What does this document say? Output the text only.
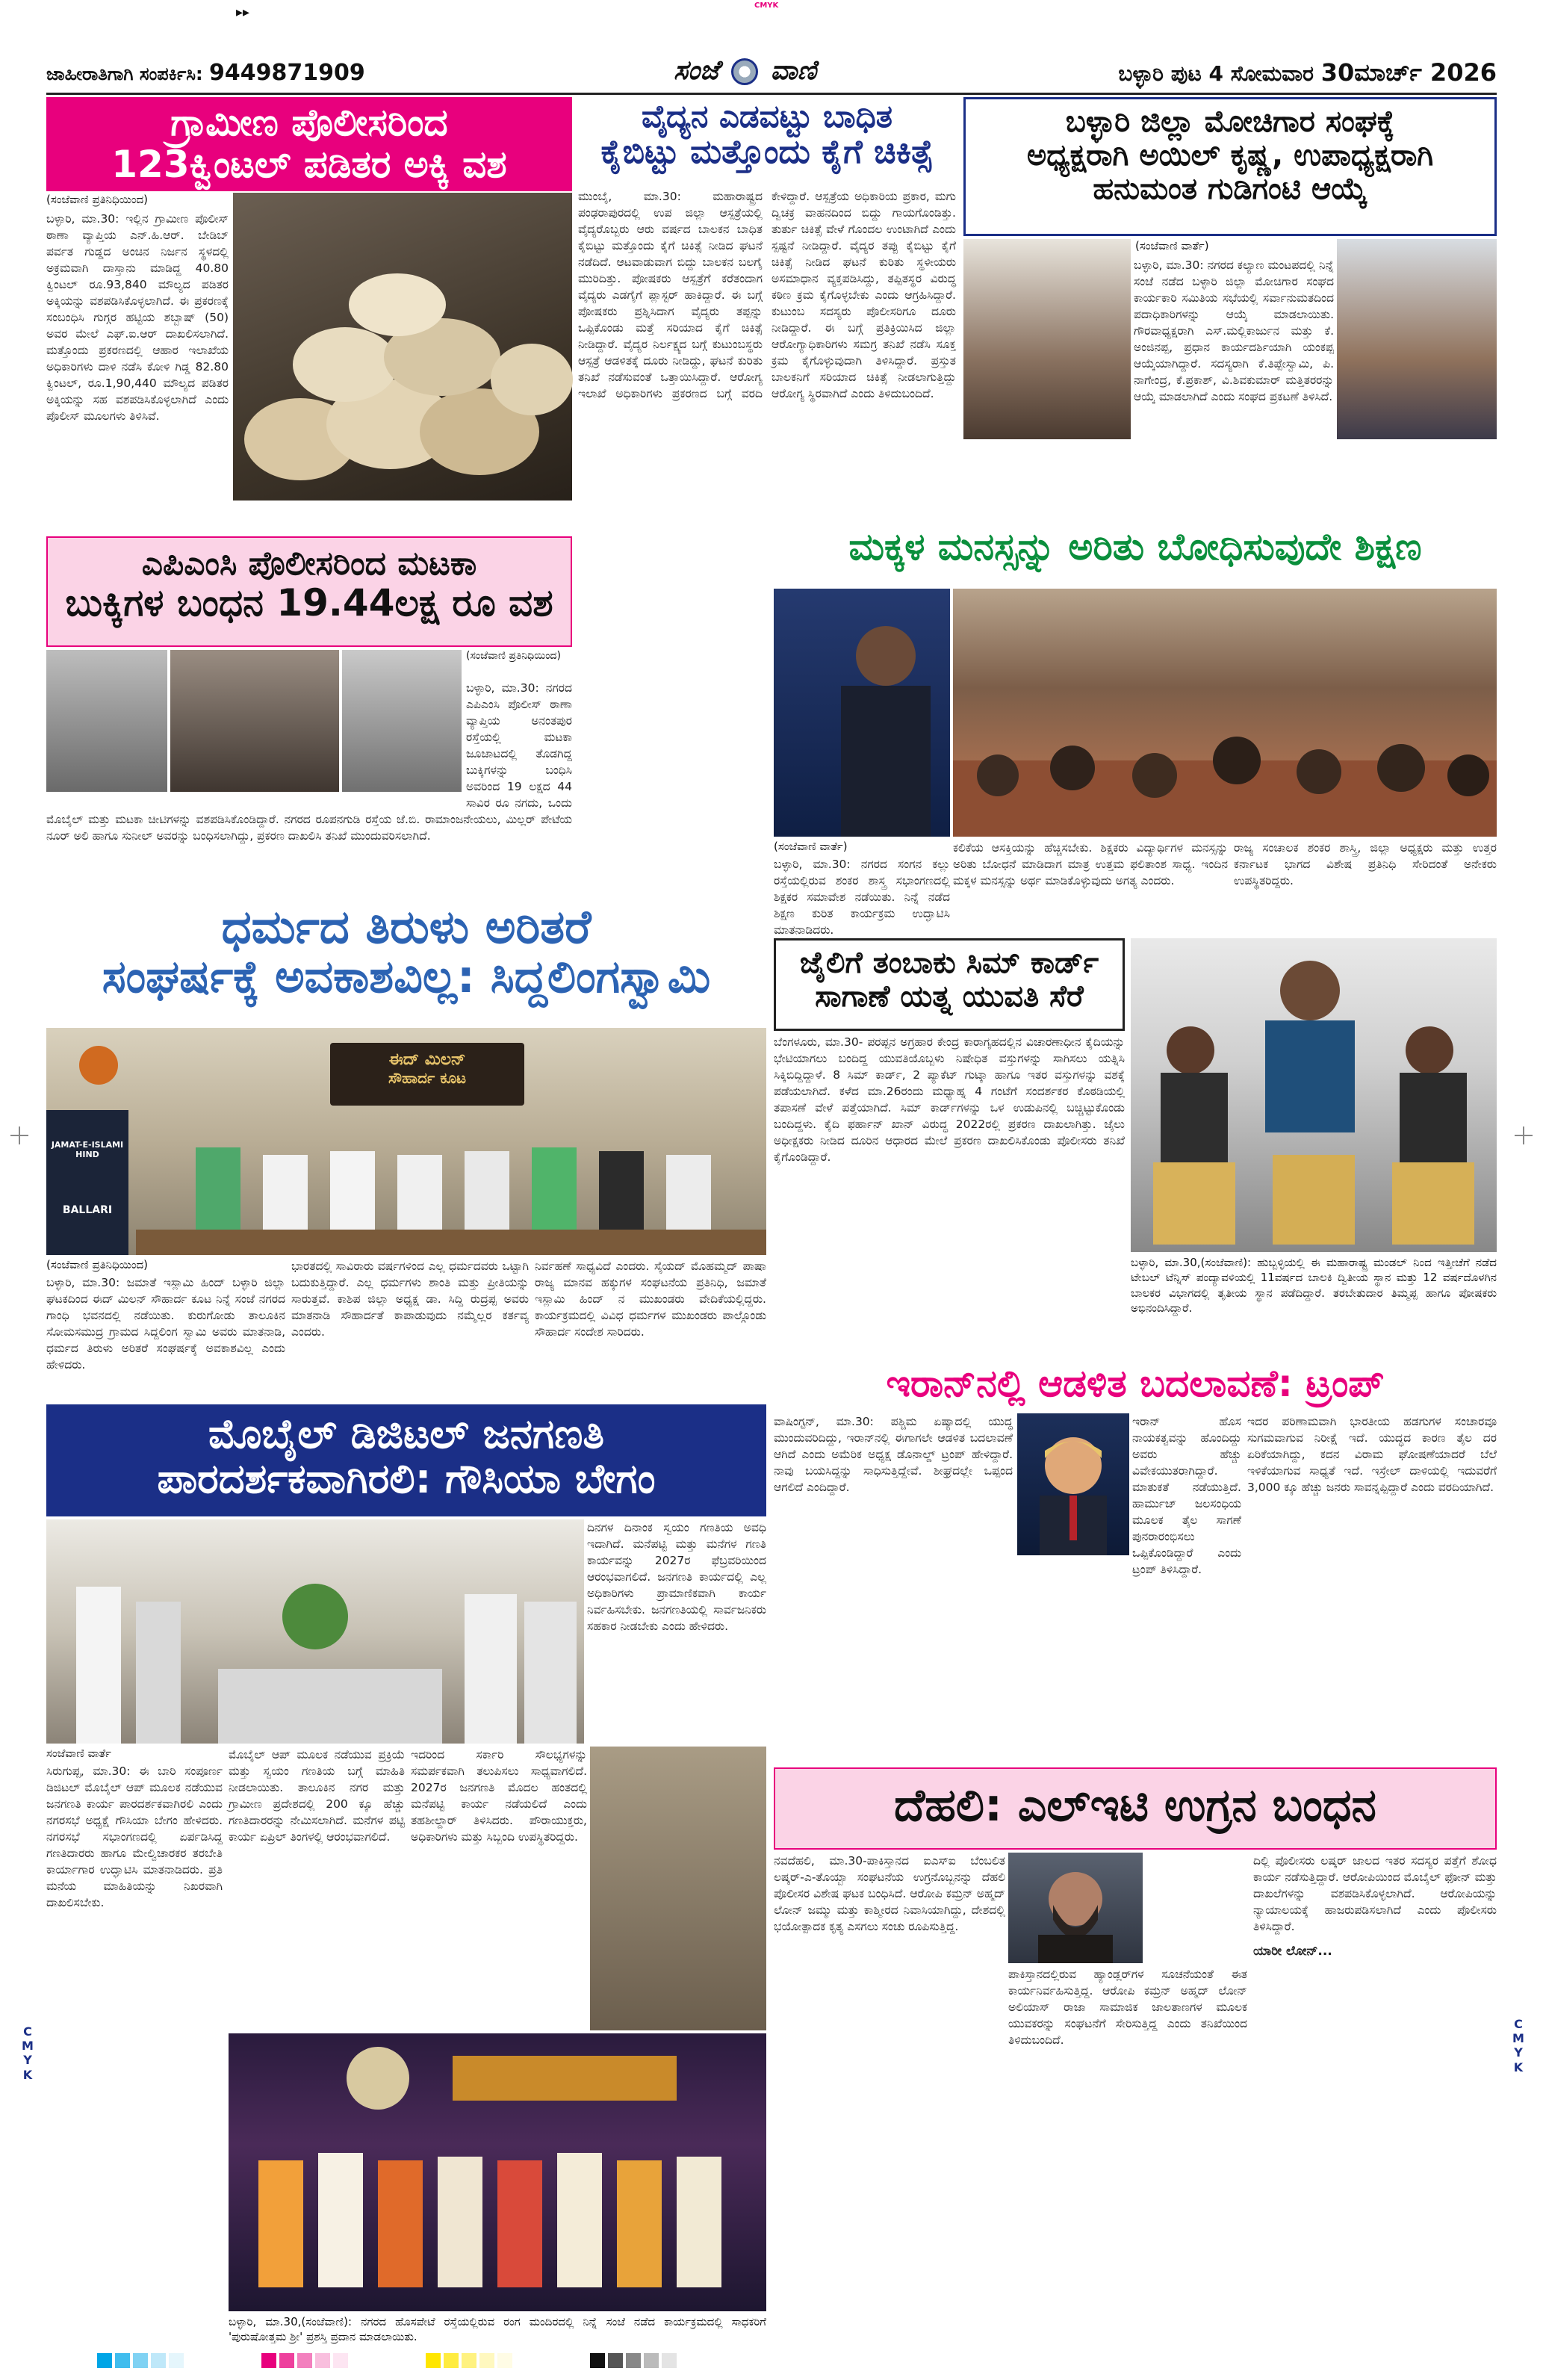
▸▸	CMYK
ಜಾಹೀರಾತಿಗಾಗಿ ಸಂಪರ್ಕಿಸಿ: 9449871909	ಸಂಜೆ ವಾಣಿ	ಬಳ್ಳಾರಿ ಪುಟ 4 ಸೋಮವಾರ 30ಮಾರ್ಚ್ 2026
ಗ್ರಾಮೀಣ ಪೊಲೀಸರಿಂದ
123ಕ್ವಿಂಟಲ್ ಪಡಿತರ ಅಕ್ಕಿ ವಶ
(ಸಂಜೆವಾಣಿ ಪ್ರತಿನಿಧಿಯಿಂದ)
ಬಳ್ಳಾರಿ, ಮಾ.30: ಇಲ್ಲಿನ ಗ್ರಾಮೀಣ ಪೊಲೀಸ್ ಠಾಣಾ ವ್ಯಾಪ್ತಿಯ ಎನ್.ಹಿ.ಆರ್. ಬೇಡಿಬ್ ಪರ್ವತ ಗುಡ್ಡದ ಅಂಚಿನ ನಿರ್ಜನ ಸ್ಥಳದಲ್ಲಿ ಅಕ್ರಮವಾಗಿ ದಾಸ್ತಾನು ಮಾಡಿದ್ದ 40.80 ಕ್ವಿಂಟಲ್ ರೂ.93,840 ಮೌಲ್ಯದ ಪಡಿತರ ಅಕ್ಕಿಯನ್ನು ವಶಪಡಿಸಿಕೊಳ್ಳಲಾಗಿದೆ. ಈ ಪ್ರಕರಣಕ್ಕೆ ಸಂಬಂಧಿಸಿ ಗುಗ್ಗರ ಹಟ್ಟಿಯ ಶಬ್ಬಾಷ್ (50) ಅವರ ಮೇಲೆ ಎಫ್.ಐ.ಆರ್ ದಾಖಲಿಸಲಾಗಿದೆ. ಮತ್ತೊಂದು ಪ್ರಕರಣದಲ್ಲಿ ಆಹಾರ ಇಲಾಖೆಯ ಅಧಿಕಾರಿಗಳು ದಾಳಿ ನಡೆಸಿ ಕೋಳಿ ಗಿಡ್ಡ 82.80 ಕ್ವಿಂಟಲ್, ರೂ.1,90,440 ಮೌಲ್ಯದ ಪಡಿತರ ಅಕ್ಕಿಯನ್ನು ಸಹ ವಶಪಡಿಸಿಕೊಳ್ಳಲಾಗಿದೆ ಎಂದು ಪೊಲೀಸ್ ಮೂಲಗಳು ತಿಳಿಸಿವೆ.
ಎಪಿಎಂಸಿ ಪೊಲೀಸರಿಂದ ಮಟಕಾ
ಬುಕ್ಕಿಗಳ ಬಂಧನ 19.44ಲಕ್ಷ ರೂ ವಶ
(ಸಂಜೆವಾಣಿ ಪ್ರತಿನಿಧಿಯಿಂದ)
ಬಳ್ಳಾರಿ, ಮಾ.30: ನಗರದ ಎಪಿಎಂಸಿ ಪೊಲೀಸ್ ಠಾಣಾ ವ್ಯಾಪ್ತಿಯ ಅನಂತಪುರ ರಸ್ತೆಯಲ್ಲಿ ಮಟಕಾ ಜೂಜಾಟದಲ್ಲಿ ತೊಡಗಿದ್ದ ಬುಕ್ಕಿಗಳನ್ನು ಬಂಧಿಸಿ ಅವರಿಂದ 19 ಲಕ್ಷದ 44 ಸಾವಿರ ರೂ ನಗದು, ಒಂದು ಮೊಬೈಲ್ ಮತ್ತು ಮಟಕಾ ಚೀಟಿಗಳನ್ನು ವಶಪಡಿಸಿಕೊಂಡಿದ್ದಾರೆ. ನಗರದ ರೂಪನಗುಡಿ ರಸ್ತೆಯ ಜೆ.ಬಿ. ರಾಮಾಂಜನೇಯಲು, ಮಿಲ್ಲರ್ ಪೇಟೆಯ ನೂರ್ ಅಲಿ ಹಾಗೂ ಸುನೀಲ್ ಅವರನ್ನು ಬಂಧಿಸಲಾಗಿದ್ದು, ಪ್ರಕರಣ ದಾಖಲಿಸಿ ತನಿಖೆ ಮುಂದುವರಿಸಲಾಗಿದೆ.
ವೈದ್ಯನ ಎಡವಟ್ಟು ಬಾಧಿತ
ಕೈಬಿಟ್ಟು ಮತ್ತೊಂದು ಕೈಗೆ ಚಿಕಿತ್ಸೆ
ಮುಂಬೈ, ಮಾ.30: ಮಹಾರಾಷ್ಟ್ರದ ಪಂಢರಾಪುರದಲ್ಲಿ ಉಪ ಜಿಲ್ಲಾ ಆಸ್ಪತ್ರೆಯಲ್ಲಿ ವೈದ್ಯರೊಬ್ಬರು ಆರು ವರ್ಷದ ಬಾಲಕನ ಬಾಧಿತ ಕೈಬಿಟ್ಟು ಮತ್ತೊಂದು ಕೈಗೆ ಚಿಕಿತ್ಸೆ ನೀಡಿದ ಘಟನೆ ನಡೆದಿದೆ. ಆಟವಾಡುವಾಗ ಬಿದ್ದು ಬಾಲಕನ ಬಲಗೈ ಮುರಿದಿತ್ತು. ಪೋಷಕರು ಆಸ್ಪತ್ರೆಗೆ ಕರೆತಂದಾಗ ವೈದ್ಯರು ಎಡಗೈಗೆ ಪ್ಲಾಸ್ಟರ್ ಹಾಕಿದ್ದಾರೆ. ಈ ಬಗ್ಗೆ ಪೋಷಕರು ಪ್ರಶ್ನಿಸಿದಾಗ ವೈದ್ಯರು ತಪ್ಪನ್ನು ಒಪ್ಪಿಕೊಂಡು ಮತ್ತೆ ಸರಿಯಾದ ಕೈಗೆ ಚಿಕಿತ್ಸೆ ನೀಡಿದ್ದಾರೆ. ವೈದ್ಯರ ನಿರ್ಲಕ್ಷ್ಯದ ಬಗ್ಗೆ ಕುಟುಂಬಸ್ಥರು ಆಸ್ಪತ್ರೆ ಆಡಳಿತಕ್ಕೆ ದೂರು ನೀಡಿದ್ದು, ಘಟನೆ ಕುರಿತು ತನಿಖೆ ನಡೆಸುವಂತೆ ಒತ್ತಾಯಿಸಿದ್ದಾರೆ. ಆರೋಗ್ಯ ಇಲಾಖೆ ಅಧಿಕಾರಿಗಳು ಪ್ರಕರಣದ ಬಗ್ಗೆ ವರದಿ ಕೇಳಿದ್ದಾರೆ. ಆಸ್ಪತ್ರೆಯ ಅಧಿಕಾರಿಯ ಪ್ರಕಾರ, ಮಗು ದ್ವಿಚಕ್ರ ವಾಹನದಿಂದ ಬಿದ್ದು ಗಾಯಗೊಂಡಿತ್ತು. ತುರ್ತು ಚಿಕಿತ್ಸೆ ವೇಳೆ ಗೊಂದಲ ಉಂಟಾಗಿದೆ ಎಂದು ಸ್ಪಷ್ಟನೆ ನೀಡಿದ್ದಾರೆ. ವೈದ್ಯರ ತಪ್ಪು ಕೈಬಿಟ್ಟು ಕೈಗೆ ಚಿಕಿತ್ಸೆ ನೀಡಿದ ಘಟನೆ ಕುರಿತು ಸ್ಥಳೀಯರು ಅಸಮಾಧಾನ ವ್ಯಕ್ತಪಡಿಸಿದ್ದು, ತಪ್ಪಿತಸ್ಥರ ವಿರುದ್ಧ ಕಠಿಣ ಕ್ರಮ ಕೈಗೊಳ್ಳಬೇಕು ಎಂದು ಆಗ್ರಹಿಸಿದ್ದಾರೆ. ಕುಟುಂಬ ಸದಸ್ಯರು ಪೊಲೀಸರಿಗೂ ದೂರು ನೀಡಿದ್ದಾರೆ. ಈ ಬಗ್ಗೆ ಪ್ರತಿಕ್ರಿಯಿಸಿದ ಜಿಲ್ಲಾ ಆರೋಗ್ಯಾಧಿಕಾರಿಗಳು ಸಮಗ್ರ ತನಿಖೆ ನಡೆಸಿ ಸೂಕ್ತ ಕ್ರಮ ಕೈಗೊಳ್ಳುವುದಾಗಿ ತಿಳಿಸಿದ್ದಾರೆ. ಪ್ರಸ್ತುತ ಬಾಲಕನಿಗೆ ಸರಿಯಾದ ಚಿಕಿತ್ಸೆ ನೀಡಲಾಗುತ್ತಿದ್ದು ಆರೋಗ್ಯ ಸ್ಥಿರವಾಗಿದೆ ಎಂದು ತಿಳಿದುಬಂದಿದೆ.
ಬಳ್ಳಾರಿ ಜಿಲ್ಲಾ ಮೋಚಿಗಾರ ಸಂಘಕ್ಕೆ
ಅಧ್ಯಕ್ಷರಾಗಿ ಅಯಿಲ್ ಕೃಷ್ಣ, ಉಪಾಧ್ಯಕ್ಷರಾಗಿ
ಹನುಮಂತ ಗುಡಿಗಂಟಿ ಆಯ್ಕೆ
(ಸಂಜೆವಾಣಿ ವಾರ್ತೆ)
ಬಳ್ಳಾರಿ, ಮಾ.30: ನಗರದ ಕಲ್ಯಾಣ ಮಂಟಪದಲ್ಲಿ ನಿನ್ನೆ ಸಂಜೆ ನಡೆದ ಬಳ್ಳಾರಿ ಜಿಲ್ಲಾ ಮೋಚಿಗಾರ ಸಂಘದ ಕಾರ್ಯಕಾರಿ ಸಮಿತಿಯ ಸಭೆಯಲ್ಲಿ ಸರ್ವಾನುಮತದಿಂದ ಪದಾಧಿಕಾರಿಗಳನ್ನು ಆಯ್ಕೆ ಮಾಡಲಾಯಿತು. ಗೌರವಾಧ್ಯಕ್ಷರಾಗಿ ಎಸ್.ಮಲ್ಲಿಕಾರ್ಜುನ ಮತ್ತು ಕೆ. ಅಂಜಿನಪ್ಪ, ಪ್ರಧಾನ ಕಾರ್ಯದರ್ಶಿಯಾಗಿ ಯಂಕಪ್ಪ ಆಯ್ಕೆಯಾಗಿದ್ದಾರೆ. ಸದಸ್ಯರಾಗಿ ಕೆ.ತಿಪ್ಪೇಸ್ವಾಮಿ, ಪಿ. ನಾಗೇಂದ್ರ, ಕೆ.ಪ್ರಕಾಶ್, ವಿ.ಶಿವಕುಮಾರ್ ಮತ್ತಿತರರನ್ನು ಆಯ್ಕೆ ಮಾಡಲಾಗಿದೆ ಎಂದು ಸಂಘದ ಪ್ರಕಟಣೆ ತಿಳಿಸಿದೆ.
ಮಕ್ಕಳ ಮನಸ್ಸನ್ನು ಅರಿತು ಬೋಧಿಸುವುದೇ ಶಿಕ್ಷಣ
(ಸಂಜೆವಾಣಿ ವಾರ್ತೆ)
ಬಳ್ಳಾರಿ, ಮಾ.30: ನಗರದ ಸಂಗನ ಕಲ್ಲು ರಸ್ತೆಯಲ್ಲಿರುವ ಶಂಕರ ಶಾಸ್ತ್ರ ಸಭಾಂಗಣದಲ್ಲಿ ಶಿಕ್ಷಕರ ಸಮಾವೇಶ ನಡೆಯಿತು. ನಿನ್ನೆ ನಡೆದ ಶಿಕ್ಷಣ ಕುರಿತ ಕಾರ್ಯಕ್ರಮ ಉದ್ಘಾಟಿಸಿ ಮಾತನಾಡಿದರು.
ಕಲಿಕೆಯ ಆಸಕ್ತಿಯನ್ನು ಹೆಚ್ಚಿಸಬೇಕು. ಶಿಕ್ಷಕರು ವಿದ್ಯಾರ್ಥಿಗಳ ಮನಸ್ಸನ್ನು ಅರಿತು ಬೋಧನೆ ಮಾಡಿದಾಗ ಮಾತ್ರ ಉತ್ತಮ ಫಲಿತಾಂಶ ಸಾಧ್ಯ. ಇಂದಿನ ಮಕ್ಕಳ ಮನಸ್ಸನ್ನು ಅರ್ಥ ಮಾಡಿಕೊಳ್ಳುವುದು ಅಗತ್ಯ ಎಂದರು.
ರಾಜ್ಯ ಸಂಚಾಲಕ ಶಂಕರ ಶಾಸ್ತ್ರಿ, ಜಿಲ್ಲಾ ಅಧ್ಯಕ್ಷರು ಮತ್ತು ಉತ್ತರ ಕರ್ನಾಟಕ ಭಾಗದ ವಿಶೇಷ ಪ್ರತಿನಿಧಿ ಸೇರಿದಂತೆ ಅನೇಕರು ಉಪಸ್ಥಿತರಿದ್ದರು.
ಧರ್ಮದ ತಿರುಳು ಅರಿತರೆ
ಸಂಘರ್ಷಕ್ಕೆ ಅವಕಾಶವಿಲ್ಲ: ಸಿದ್ದಲಿಂಗಸ್ವಾಮಿ
ಈದ್ ಮಿಲನ್
ಸೌಹಾರ್ದ ಕೂಟ
JAMAT-E-ISLAMI HIND
BALLARI
(ಸಂಜೆವಾಣಿ ಪ್ರತಿನಿಧಿಯಿಂದ)
ಬಳ್ಳಾರಿ, ಮಾ.30: ಜಮಾತೆ ಇಸ್ಲಾಮಿ ಹಿಂದ್ ಬಳ್ಳಾರಿ ಜಿಲ್ಲಾ ಘಟಕದಿಂದ ಈದ್ ಮಿಲನ್ ಸೌಹಾರ್ದ ಕೂಟ ನಿನ್ನೆ ಸಂಜೆ ನಗರದ ಗಾಂಧಿ ಭವನದಲ್ಲಿ ನಡೆಯಿತು. ಕುರುಗೋಡು ತಾಲೂಕಿನ ಸೋಮಸಮುದ್ರ ಗ್ರಾಮದ ಸಿದ್ದಲಿಂಗ ಸ್ವಾಮಿ ಅವರು ಮಾತನಾಡಿ, ಧರ್ಮದ ತಿರುಳು ಅರಿತರೆ ಸಂಘರ್ಷಕ್ಕೆ ಅವಕಾಶವಿಲ್ಲ ಎಂದು ಹೇಳಿದರು.
ಭಾರತದಲ್ಲಿ ಸಾವಿರಾರು ವರ್ಷಗಳಿಂದ ಎಲ್ಲ ಧರ್ಮದವರು ಒಟ್ಟಾಗಿ ಬದುಕುತ್ತಿದ್ದಾರೆ. ಎಲ್ಲ ಧರ್ಮಗಳು ಶಾಂತಿ ಮತ್ತು ಪ್ರೀತಿಯನ್ನು ಸಾರುತ್ತವೆ. ಕಾಶಿಪ ಜಿಲ್ಲಾ ಅಧ್ಯಕ್ಷ ಡಾ. ಸಿದ್ದಿ ರುದ್ರಪ್ಪ ಅವರು ಮಾತನಾಡಿ ಸೌಹಾರ್ದತೆ ಕಾಪಾಡುವುದು ನಮ್ಮೆಲ್ಲರ ಕರ್ತವ್ಯ ಎಂದರು.
ನಿರ್ವಹಣೆ ಸಾಧ್ಯವಿದೆ ಎಂದರು. ಸೈಯದ್ ಮೊಹಮ್ಮದ್ ಪಾಷಾ ರಾಜ್ಯ ಮಾನವ ಹಕ್ಕುಗಳ ಸಂಘಟನೆಯ ಪ್ರತಿನಿಧಿ, ಜಮಾತೆ ಇಸ್ಲಾಮಿ ಹಿಂದ್ ನ ಮುಖಂಡರು ವೇದಿಕೆಯಲ್ಲಿದ್ದರು. ಕಾರ್ಯಕ್ರಮದಲ್ಲಿ ವಿವಿಧ ಧರ್ಮಗಳ ಮುಖಂಡರು ಪಾಲ್ಗೊಂಡು ಸೌಹಾರ್ದ ಸಂದೇಶ ಸಾರಿದರು.
ಮೊಬೈಲ್ ಡಿಜಿಟಲ್ ಜನಗಣತಿ
ಪಾರದರ್ಶಕವಾಗಿರಲಿ: ಗೌಸಿಯಾ ಬೇಗಂ
ದಿನಗಳ ದಿನಾಂಕ ಸ್ವಯಂ ಗಣತಿಯ ಅವಧಿ ಇದಾಗಿದೆ. ಮನೆಪಟ್ಟಿ ಮತ್ತು ಮನೆಗಳ ಗಣತಿ ಕಾರ್ಯವನ್ನು 2027ರ ಫೆಬ್ರವರಿಯಿಂದ ಆರಂಭವಾಗಲಿದೆ. ಜನಗಣತಿ ಕಾರ್ಯದಲ್ಲಿ ಎಲ್ಲ ಅಧಿಕಾರಿಗಳು ಪ್ರಾಮಾಣಿಕವಾಗಿ ಕಾರ್ಯ ನಿರ್ವಹಿಸಬೇಕು. ಜನಗಣತಿಯಲ್ಲಿ ಸಾರ್ವಜನಿಕರು ಸಹಕಾರ ನೀಡಬೇಕು ಎಂದು ಹೇಳಿದರು.
ಸಂಜೆವಾಣಿ ವಾರ್ತೆ
ಸಿರುಗುಪ್ಪ, ಮಾ.30: ಈ ಬಾರಿ ಸಂಪೂರ್ಣ ಡಿಜಿಟಲ್ ಮೊಬೈಲ್ ಆಪ್ ಮೂಲಕ ನಡೆಯುವ ಜನಗಣತಿ ಕಾರ್ಯ ಪಾರದರ್ಶಕವಾಗಿರಲಿ ಎಂದು ನಗರಸಭೆ ಅಧ್ಯಕ್ಷೆ ಗೌಸಿಯಾ ಬೇಗಂ ಹೇಳಿದರು. ನಗರಸಭೆ ಸಭಾಂಗಣದಲ್ಲಿ ಏರ್ಪಡಿಸಿದ್ದ ಗಣತಿದಾರರು ಹಾಗೂ ಮೇಲ್ವಿಚಾರಕರ ತರಬೇತಿ ಕಾರ್ಯಾಗಾರ ಉದ್ಘಾಟಿಸಿ ಮಾತನಾಡಿದರು. ಪ್ರತಿ ಮನೆಯ ಮಾಹಿತಿಯನ್ನು ನಿಖರವಾಗಿ ದಾಖಲಿಸಬೇಕು.
ಮೊಬೈಲ್ ಆಪ್ ಮೂಲಕ ನಡೆಯುವ ಪ್ರಕ್ರಿಯೆ ಮತ್ತು ಸ್ವಯಂ ಗಣತಿಯ ಬಗ್ಗೆ ಮಾಹಿತಿ ನೀಡಲಾಯಿತು. ತಾಲೂಕಿನ ನಗರ ಮತ್ತು ಗ್ರಾಮೀಣ ಪ್ರದೇಶದಲ್ಲಿ 200 ಕ್ಕೂ ಹೆಚ್ಚು ಗಣತಿದಾರರನ್ನು ನೇಮಿಸಲಾಗಿದೆ. ಮನೆಗಳ ಪಟ್ಟಿ ಕಾರ್ಯ ಏಪ್ರಿಲ್ ತಿಂಗಳಲ್ಲಿ ಆರಂಭವಾಗಲಿದೆ.
ಇದರಿಂದ ಸರ್ಕಾರಿ ಸೌಲಭ್ಯಗಳನ್ನು ಸಮರ್ಪಕವಾಗಿ ತಲುಪಿಸಲು ಸಾಧ್ಯವಾಗಲಿದೆ. 2027ರ ಜನಗಣತಿ ಮೊದಲ ಹಂತದಲ್ಲಿ ಮನೆಪಟ್ಟಿ ಕಾರ್ಯ ನಡೆಯಲಿದೆ ಎಂದು ತಹಶೀಲ್ದಾರ್ ತಿಳಿಸಿದರು. ಪೌರಾಯುಕ್ತರು, ಅಧಿಕಾರಿಗಳು ಮತ್ತು ಸಿಬ್ಬಂದಿ ಉಪಸ್ಥಿತರಿದ್ದರು.
ಬಳ್ಳಾರಿ, ಮಾ.30,(ಸಂಜೆವಾಣಿ): ನಗರದ ಹೊಸಪೇಟೆ ರಸ್ತೆಯಲ್ಲಿರುವ ರಂಗ ಮಂದಿರದಲ್ಲಿ ನಿನ್ನೆ ಸಂಜೆ ನಡೆದ ಕಾರ್ಯಕ್ರಮದಲ್ಲಿ ಸಾಧಕರಿಗೆ 'ಪುರುಷೋತ್ತಮ ಶ್ರೀ' ಪ್ರಶಸ್ತಿ ಪ್ರದಾನ ಮಾಡಲಾಯಿತು.
ಜೈಲಿಗೆ ತಂಬಾಕು ಸಿಮ್ ಕಾರ್ಡ್
ಸಾಗಾಣೆ ಯತ್ನ ಯುವತಿ ಸೆರೆ
ಬೆಂಗಳೂರು, ಮಾ.30- ಪರಪ್ಪನ ಅಗ್ರಹಾರ ಕೇಂದ್ರ ಕಾರಾಗೃಹದಲ್ಲಿನ ವಿಚಾರಣಾಧೀನ ಕೈದಿಯನ್ನು ಭೇಟಿಯಾಗಲು ಬಂದಿದ್ದ ಯುವತಿಯೊಬ್ಬಳು ನಿಷೇಧಿತ ವಸ್ತುಗಳನ್ನು ಸಾಗಿಸಲು ಯತ್ನಿಸಿ ಸಿಕ್ಕಿಬಿದ್ದಿದ್ದಾಳೆ. 8 ಸಿಮ್ ಕಾರ್ಡ್, 2 ಪ್ಯಾಕೆಟ್ ಗುಟ್ಕಾ ಹಾಗೂ ಇತರ ವಸ್ತುಗಳನ್ನು ವಶಕ್ಕೆ ಪಡೆಯಲಾಗಿದೆ. ಕಳೆದ ಮಾ.26ರಂದು ಮಧ್ಯಾಹ್ನ 4 ಗಂಟೆಗೆ ಸಂದರ್ಶಕರ ಕೊಠಡಿಯಲ್ಲಿ ತಪಾಸಣೆ ವೇಳೆ ಪತ್ತೆಯಾಗಿದೆ. ಸಿಮ್ ಕಾರ್ಡ್‌ಗಳನ್ನು ಒಳ ಉಡುಪಿನಲ್ಲಿ ಬಚ್ಚಿಟ್ಟುಕೊಂಡು ಬಂದಿದ್ದಳು. ಕೈದಿ ಫರ್ಹಾನ್ ಖಾನ್ ವಿರುದ್ಧ 2022ರಲ್ಲಿ ಪ್ರಕರಣ ದಾಖಲಾಗಿತ್ತು. ಜೈಲು ಅಧೀಕ್ಷಕರು ನೀಡಿದ ದೂರಿನ ಆಧಾರದ ಮೇಲೆ ಪ್ರಕರಣ ದಾಖಲಿಸಿಕೊಂಡು ಪೊಲೀಸರು ತನಿಖೆ ಕೈಗೊಂಡಿದ್ದಾರೆ.
ಬಳ್ಳಾರಿ, ಮಾ.30,(ಸಂಜೆವಾಣಿ): ಹುಬ್ಬಳ್ಳಿಯಲ್ಲಿ ಈ ಮಹಾರಾಷ್ಟ್ರ ಮಂಡಲ್ ನಿಂದ ಇತ್ತೀಚೆಗೆ ನಡೆದ ಟೇಬಲ್ ಟೆನ್ನಿಸ್ ಪಂದ್ಯಾವಳಿಯಲ್ಲಿ 11ವರ್ಷದ ಬಾಲಕಿ ದ್ವಿತೀಯ ಸ್ಥಾನ ಮತ್ತು 12 ವರ್ಷದೊಳಗಿನ ಬಾಲಕರ ವಿಭಾಗದಲ್ಲಿ ತೃತೀಯ ಸ್ಥಾನ ಪಡೆದಿದ್ದಾರೆ. ತರಬೇತುದಾರ ತಿಮ್ಮಪ್ಪ ಹಾಗೂ ಪೋಷಕರು ಅಭಿನಂದಿಸಿದ್ದಾರೆ.
ಇರಾನ್‌ನಲ್ಲಿ ಆಡಳಿತ ಬದಲಾವಣೆ: ಟ್ರಂಪ್
ವಾಷಿಂಗ್ಟನ್, ಮಾ.30: ಪಶ್ಚಿಮ ಏಷ್ಯಾದಲ್ಲಿ ಯುದ್ಧ ಮುಂದುವರಿದಿದ್ದು, ಇರಾನ್‌ನಲ್ಲಿ ಈಗಾಗಲೇ ಆಡಳಿತ ಬದಲಾವಣೆ ಆಗಿದೆ ಎಂದು ಅಮೆರಿಕ ಅಧ್ಯಕ್ಷ ಡೊನಾಲ್ಡ್ ಟ್ರಂಪ್ ಹೇಳಿದ್ದಾರೆ. ನಾವು ಬಯಸಿದ್ದನ್ನು ಸಾಧಿಸುತ್ತಿದ್ದೇವೆ. ಶೀಘ್ರದಲ್ಲೇ ಒಪ್ಪಂದ ಆಗಲಿದೆ ಎಂದಿದ್ದಾರೆ.
ಇರಾನ್ ಹೊಸ ನಾಯಕತ್ವವನ್ನು ಹೊಂದಿದ್ದು ಅವರು ಹೆಚ್ಚು ವಿವೇಕಯುತರಾಗಿದ್ದಾರೆ. ಮಾತುಕತೆ ನಡೆಯುತ್ತಿದೆ. ಹಾರ್ಮುಜ್ ಜಲಸಂಧಿಯ ಮೂಲಕ ತೈಲ ಸಾಗಣೆ ಪುನರಾರಂಭಿಸಲು ಒಪ್ಪಿಕೊಂಡಿದ್ದಾರೆ ಎಂದು ಟ್ರಂಪ್ ತಿಳಿಸಿದ್ದಾರೆ.
ಇದರ ಪರಿಣಾಮವಾಗಿ ಭಾರತೀಯ ಹಡಗುಗಳ ಸಂಚಾರವೂ ಸುಗಮವಾಗುವ ನಿರೀಕ್ಷೆ ಇದೆ. ಯುದ್ಧದ ಕಾರಣ ತೈಲ ದರ ಏರಿಕೆಯಾಗಿದ್ದು, ಕದನ ವಿರಾಮ ಘೋಷಣೆಯಾದರೆ ಬೆಲೆ ಇಳಿಕೆಯಾಗುವ ಸಾಧ್ಯತೆ ಇದೆ. ಇಸ್ರೇಲ್ ದಾಳಿಯಲ್ಲಿ ಇದುವರೆಗೆ 3,000 ಕ್ಕೂ ಹೆಚ್ಚು ಜನರು ಸಾವನ್ನಪ್ಪಿದ್ದಾರೆ ಎಂದು ವರದಿಯಾಗಿದೆ.
ದೆಹಲಿ: ಎಲ್‌ಇಟಿ ಉಗ್ರನ ಬಂಧನ
ನವದೆಹಲಿ, ಮಾ.30-ಪಾಕಿಸ್ತಾನದ ಐಎಸ್‌ಐ ಬೆಂಬಲಿತ ಲಷ್ಕರ್-ಎ-ತೊಯ್ಬಾ ಸಂಘಟನೆಯ ಉಗ್ರನೊಬ್ಬನನ್ನು ದೆಹಲಿ ಪೊಲೀಸರ ವಿಶೇಷ ಘಟಕ ಬಂಧಿಸಿದೆ. ಆರೋಪಿ ಕಮ್ರನ್ ಅಹ್ಮದ್ ಲೋನ್ ಜಮ್ಮು ಮತ್ತು ಕಾಶ್ಮೀರದ ನಿವಾಸಿಯಾಗಿದ್ದು, ದೇಶದಲ್ಲಿ ಭಯೋತ್ಪಾದಕ ಕೃತ್ಯ ಎಸಗಲು ಸಂಚು ರೂಪಿಸುತ್ತಿದ್ದ.
ಪಾಕಿಸ್ತಾನದಲ್ಲಿರುವ ಹ್ಯಾಂಡ್ಲರ್‌ಗಳ ಸೂಚನೆಯಂತೆ ಈತ ಕಾರ್ಯನಿರ್ವಹಿಸುತ್ತಿದ್ದ. ಆರೋಪಿ ಕಮ್ರನ್ ಅಹ್ಮದ್ ಲೋನ್ ಅಲಿಯಾಸ್ ರಾಜಾ ಸಾಮಾಜಿಕ ಜಾಲತಾಣಗಳ ಮೂಲಕ ಯುವಕರನ್ನು ಸಂಘಟನೆಗೆ ಸೇರಿಸುತ್ತಿದ್ದ ಎಂದು ತನಿಖೆಯಿಂದ ತಿಳಿದುಬಂದಿದೆ.
ದಿಲ್ಲಿ ಪೊಲೀಸರು ಲಷ್ಕರ್ ಜಾಲದ ಇತರ ಸದಸ್ಯರ ಪತ್ತೆಗೆ ಶೋಧ ಕಾರ್ಯ ನಡೆಸುತ್ತಿದ್ದಾರೆ. ಆರೋಪಿಯಿಂದ ಮೊಬೈಲ್ ಫೋನ್ ಮತ್ತು ದಾಖಲೆಗಳನ್ನು ವಶಪಡಿಸಿಕೊಳ್ಳಲಾಗಿದೆ. ಆರೋಪಿಯನ್ನು ನ್ಯಾಯಾಲಯಕ್ಕೆ ಹಾಜರುಪಡಿಸಲಾಗಿದೆ ಎಂದು ಪೊಲೀಸರು ತಿಳಿಸಿದ್ದಾರೆ.
ಯಾರೀ ಲೋನ್...
C M Y K
C M Y K
